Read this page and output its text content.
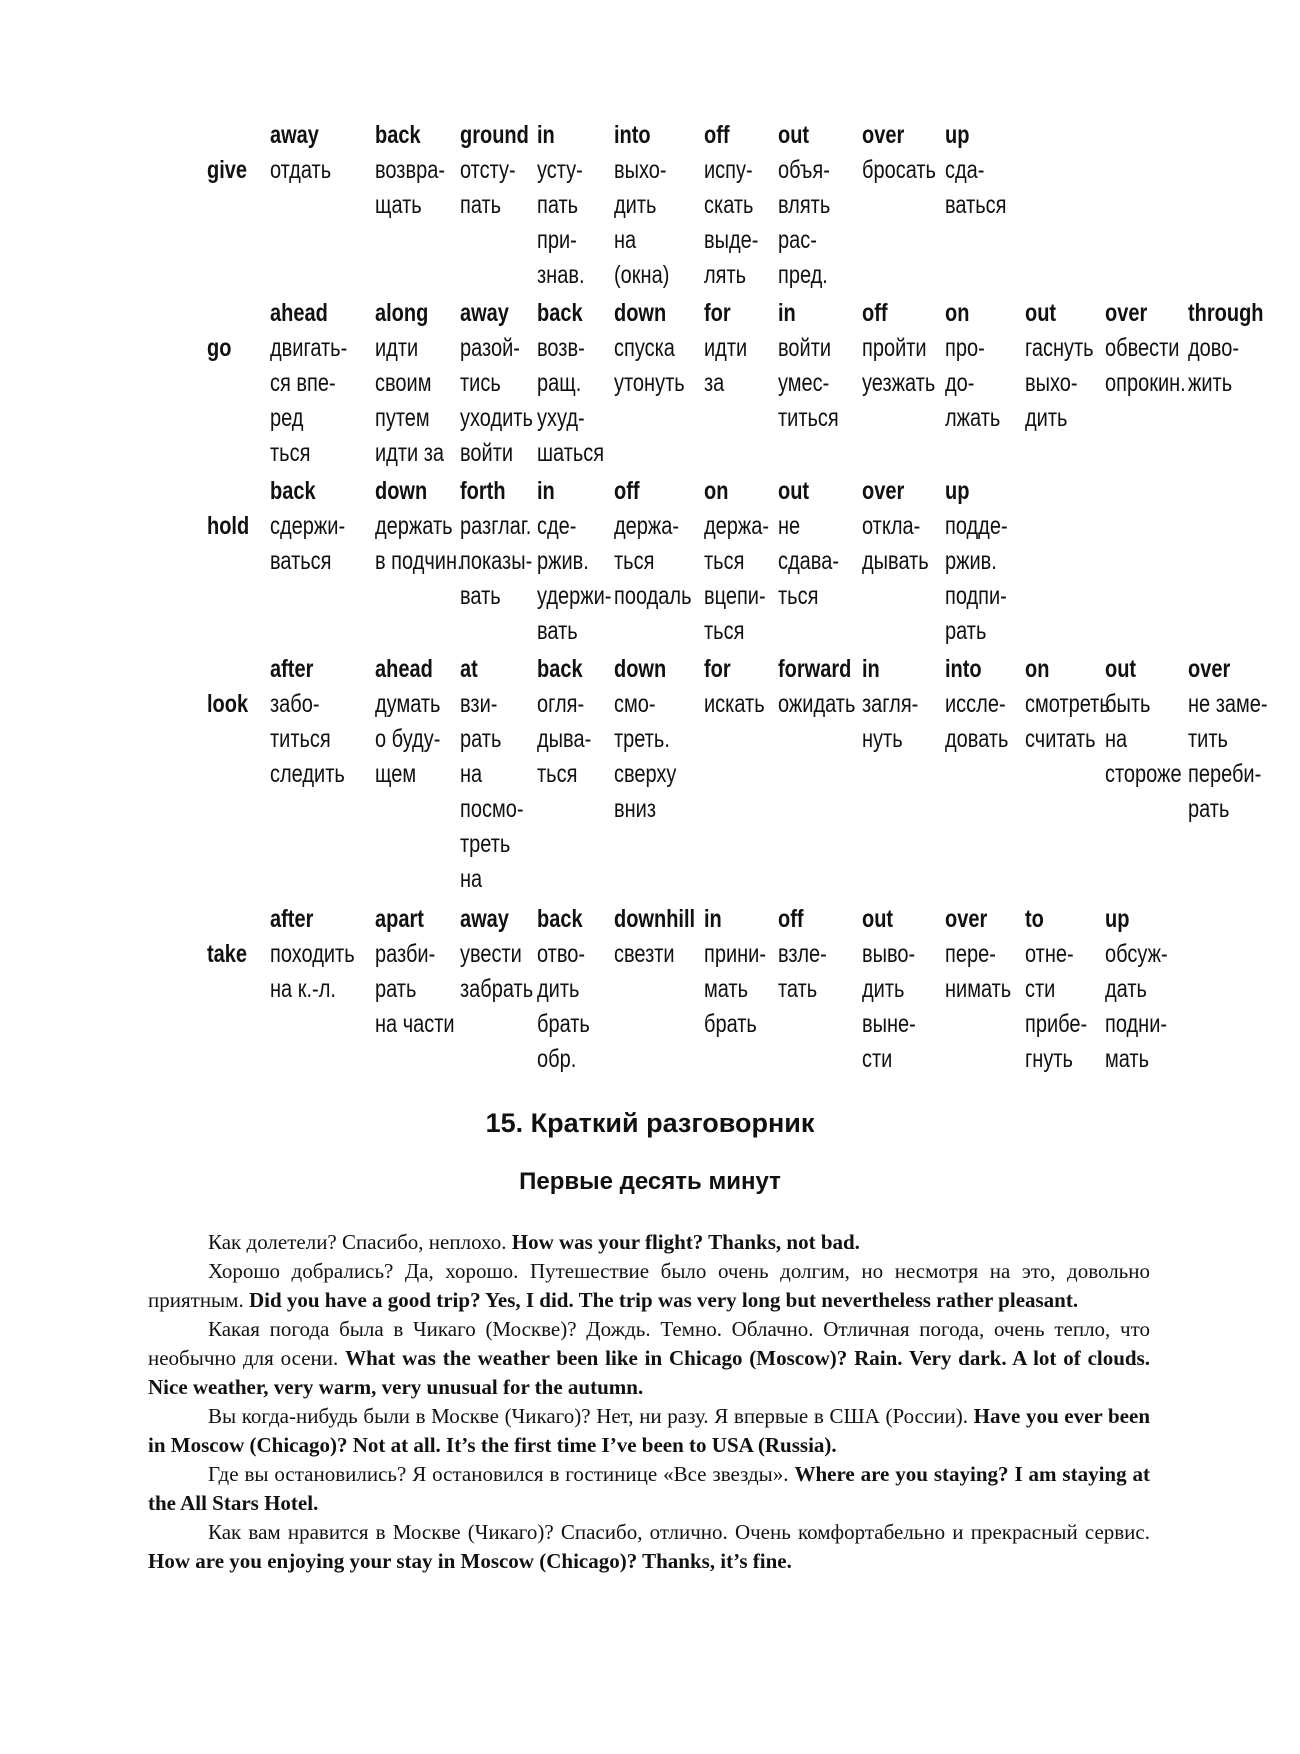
give
away
отдать
back
возвра-
щать
ground
отсту-
пать
in
усту-
пать
при-
знав.
into
выхо-
дить
на
(окна)
off
испу-
скать
выде-
лять
out
объя-
влять
рас-
пред.
over
бросать
up
сда-
ваться
go
ahead
двигать-
ся впе-
ред
ться
along
идти
своим
путем
идти за
away
разой-
тись
уходить
войти
back
возв-
ращ.
ухуд-
шаться
down
спуска
утонуть
for
идти
за
in
войти
умес-
титься
off
пройти
уезжать
on
про-
до-
лжать
out
гаснуть
выхо-
дить
over
обвести
опрокин.
through
дово-
жить
hold
back
сдержи-
ваться
down
держать
в подчин.
forth
разглаг.
показы-
вать
in
сде-
ржив.
удержи-
вать
off
держа-
ться
поодаль
on
держа-
ться
вцепи-
ться
out
не
сдава-
ться
over
откла-
дывать
up
подде-
ржив.
подпи-
рать
look
after
забо-
титься
следить
ahead
думать
о буду-
щем
at
взи-
рать
на
посмо-
треть
на
back
огля-
дыва-
ться
down
смо-
треть.
сверху
вниз
for
искать
forward
ожидать
in
загля-
нуть
into
иссле-
довать
on
смотреть
считать
out
быть
на
стороже
over
не заме-
тить
переби-
рать
take
after
походить
на к.-л.
apart
разби-
рать
на части
away
увести
забрать
back
отво-
дить
брать
обр.
downhill
свезти
in
прини-
мать
брать
off
взле-
тать
out
выво-
дить
выне-
сти
over
пере-
нимать
to
отне-
сти
прибе-
гнуть
up
обсуж-
дать
подни-
мать
15. Краткий разговорник
Первые десять минут

Как долетели? Спасибо, неплохо. How was your flight? Thanks, not bad.

Хорошо добрались? Да, хорошо. Путешествие было очень долгим, но несмотря на это, довольно приятным. Did you have a good trip? Yes, I did. The trip was very long but nevertheless rather pleasant.

Какая погода была в Чикаго (Москве)? Дождь. Темно. Облачно. Отличная погода, очень тепло, что необычно для осени. What was the weather been like in Chicago (Moscow)? Rain. Very dark. A lot of clouds. Nice weather, very warm, very unusual for the autumn.

Вы когда-нибудь были в Москве (Чикаго)? Нет, ни разу. Я впервые в США (России). Have you ever been in Moscow (Chicago)? Not at all. It’s the first time I’ve been to USA (Russia).

Где вы остановились? Я остановился в гостинице «Все звезды». Where are you staying? I am staying at the All Stars Hotel.

Как вам нравится в Москве (Чикаго)? Спасибо, отлично. Очень комфортабельно и прекрасный сервис. How are you enjoying your stay in Moscow (Chicago)? Thanks, it’s fine.
